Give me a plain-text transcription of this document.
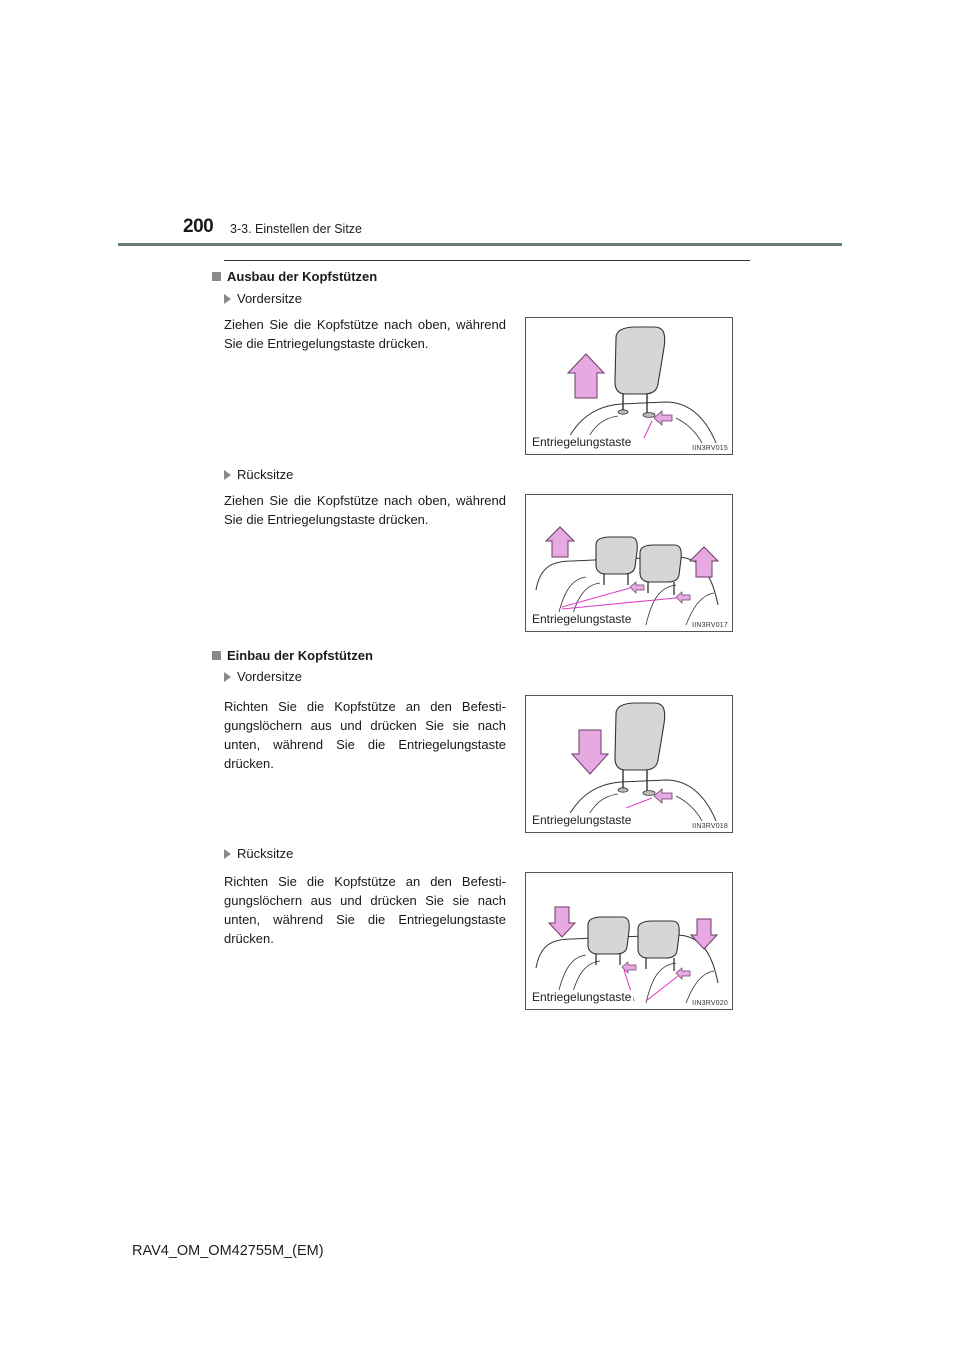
200 3-3. Einstellen der Sitze
Ausbau der Kopfstützen
Vordersitze
Ziehen Sie die Kopfstütze nach oben, während Sie die Entriegelungstaste drücken.
Entriegelungstaste	IIN3RV015
Rücksitze
Ziehen Sie die Kopfstütze nach oben, während Sie die Entriegelungstaste drücken.
Entriegelungstaste	IIN3RV017
Einbau der Kopfstützen
Vordersitze
Richten Sie die Kopfstütze an den Befesti-gungslöchern aus und drücken Sie sie nach unten, während Sie die Entriegelungstaste drücken.
Entriegelungstaste	IIN3RV018
Rücksitze
Richten Sie die Kopfstütze an den Befesti-gungslöchern aus und drücken Sie sie nach unten, während Sie die Entriegelungstaste drücken.
Entriegelungstaste	IIN3RV020
RAV4_OM_OM42755M_(EM)
